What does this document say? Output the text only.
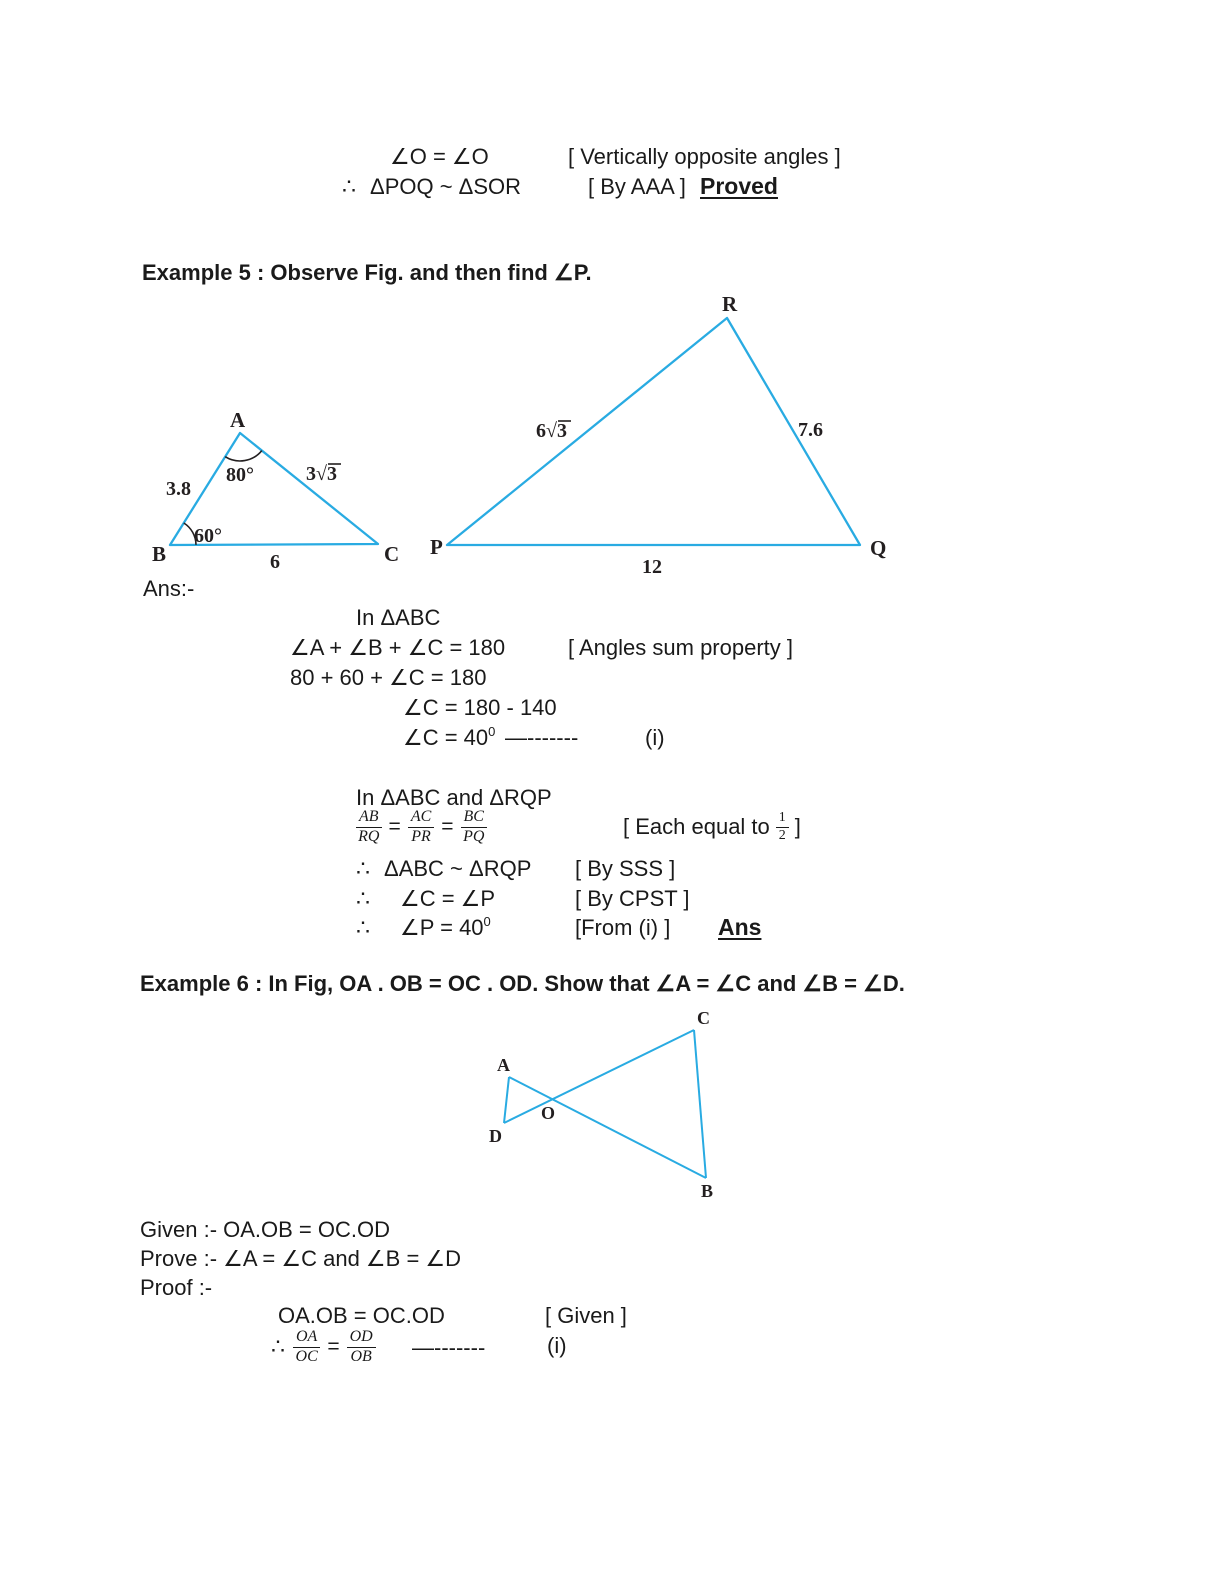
∠O = ∠O	[ Vertically opposite angles ]
∴ ΔPOQ ~ ΔSOR	[ By AAA ] Proved
Example 5 : Observe Fig. and then find ∠P.
A
B	C
80°
60°
3.8
6
3√3
R
P	Q
7.6
12
6√3
Ans:-
In ΔABC
∠A + ∠B + ∠C = 180	[ Angles sum property ]
80 + 60 + ∠C = 180
∠C = 180 - 140
∠C = $40^0$ —-------	(i)
In ΔABC and ΔRQP
$\frac{AB}{RQ} = \frac{AC}{PR} = \frac{BC}{PQ}$	[ Each equal to $\frac{1}{2}$ ]
∴ ΔABC ~ ΔRQP [ By SSS ]
∴ ∠C = ∠P	[ By CPST ]
∴ ∠P = $40^0$	[From (i) ] Ans
Example 6 : In Fig, OA . OB = OC . OD. Show that ∠A = ∠C and ∠B = ∠D.
A
C
D
B
O
Given :- OA.OB = OC.OD
Prove :- ∠A = ∠C and ∠B = ∠D
Proof :-
OA.OB = OC.OD	[ Given ]
∴ $\frac{OA}{OC} = \frac{OD}{OB}$ —-------	(i)
